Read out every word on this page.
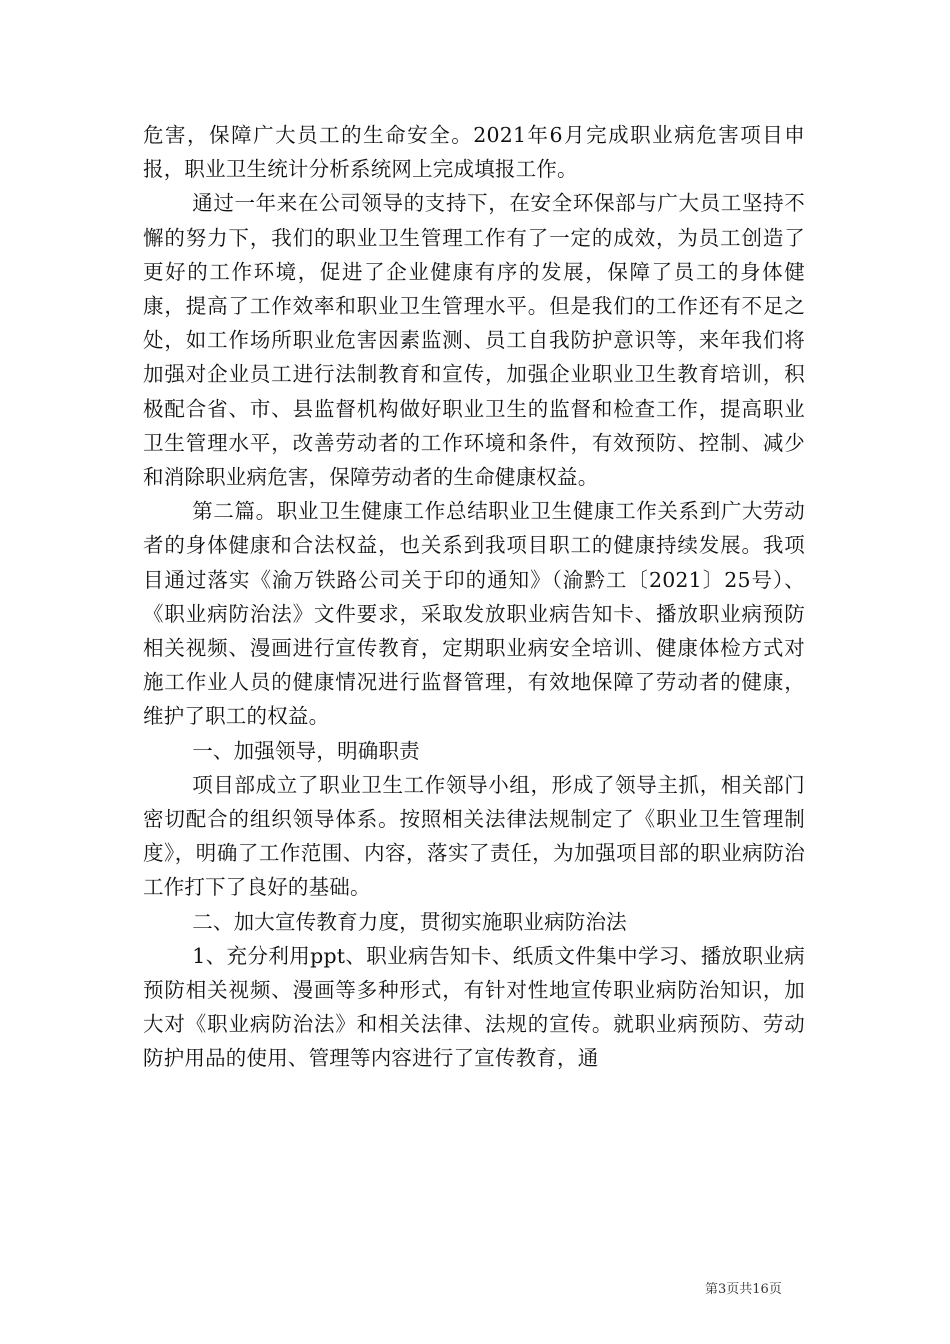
危害，保障广大员工的生命安全。2021年6月完成职业病危害项目申报，职业卫生统计分析系统网上完成填报工作。

通过一年来在公司领导的支持下，在安全环保部与广大员工坚持不懈的努力下，我们的职业卫生管理工作有了一定的成效，为员工创造了更好的工作环境，促进了企业健康有序的发展，保障了员工的身体健康，提高了工作效率和职业卫生管理水平。但是我们的工作还有不足之处，如工作场所职业危害因素监测、员工自我防护意识等，来年我们将加强对企业员工进行法制教育和宣传，加强企业职业卫生教育培训，积极配合省、市、县监督机构做好职业卫生的监督和检查工作，提高职业卫生管理水平，改善劳动者的工作环境和条件，有效预防、控制、减少和消除职业病危害，保障劳动者的生命健康权益。

第二篇。职业卫生健康工作总结职业卫生健康工作关系到广大劳动者的身体健康和合法权益，也关系到我项目职工的健康持续发展。我项目通过落实《渝万铁路公司关于印的通知》（渝黔工〔2021〕25号）、《职业病防治法》文件要求，采取发放职业病告知卡、播放职业病预防相关视频、漫画进行宣传教育，定期职业病安全培训、健康体检方式对施工作业人员的健康情况进行监督管理，有效地保障了劳动者的健康，维护了职工的权益。

一、加强领导，明确职责

项目部成立了职业卫生工作领导小组，形成了领导主抓，相关部门密切配合的组织领导体系。按照相关法律法规制定了《职业卫生管理制度》，明确了工作范围、内容，落实了责任，为加强项目部的职业病防治工作打下了良好的基础。

二、加大宣传教育力度，贯彻实施职业病防治法

1、充分利用ppt、职业病告知卡、纸质文件集中学习、播放职业病预防相关视频、漫画等多种形式，有针对性地宣传职业病防治知识，加大对《职业病防治法》和相关法律、法规的宣传。就职业病预防、劳动防护用品的使用、管理等内容进行了宣传教育，通

第3页共16页
